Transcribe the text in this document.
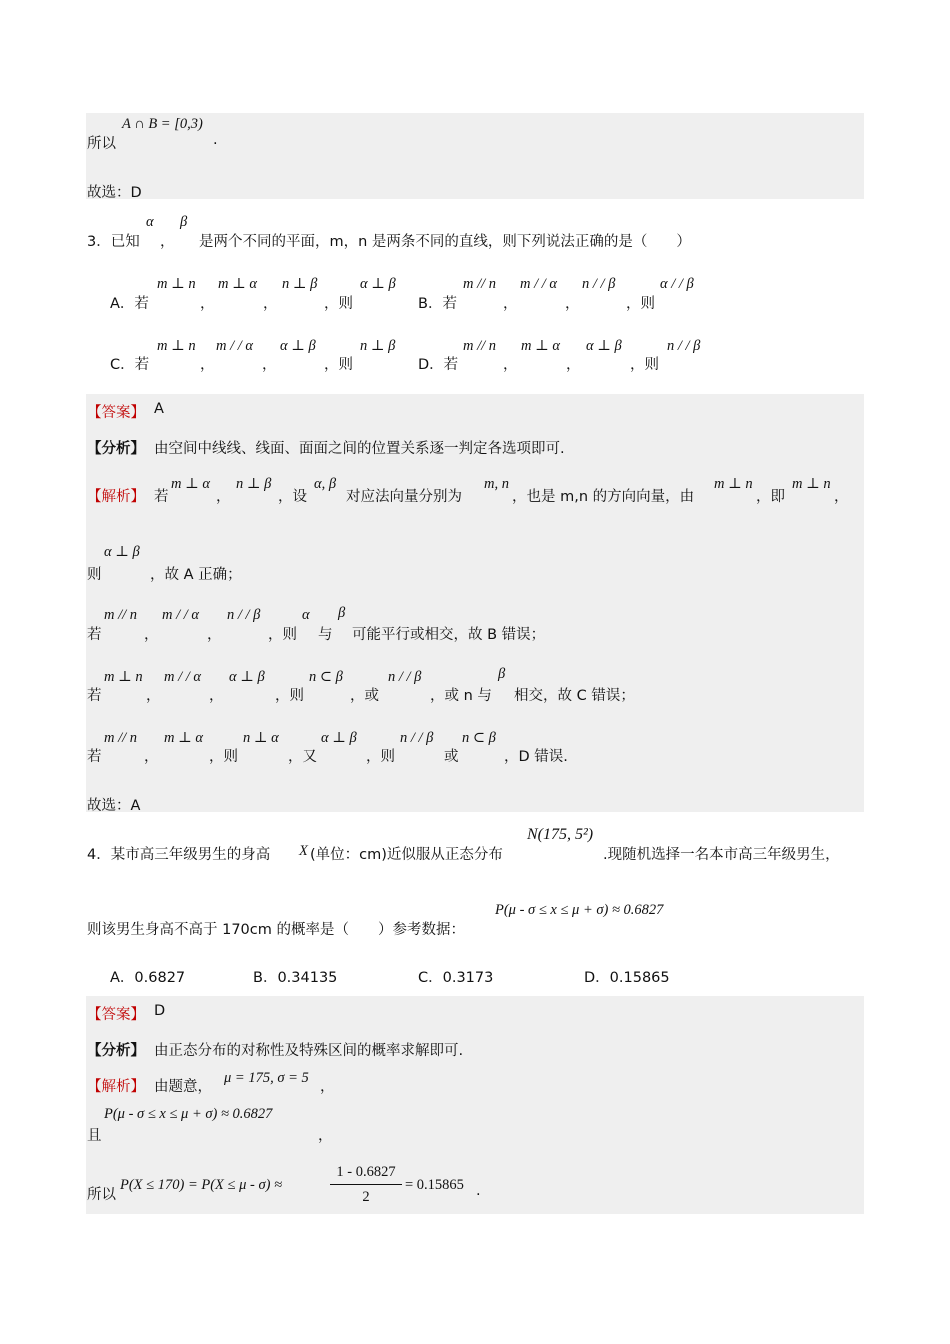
A ∩ B = [0,3)
所以	.
故选：D
3．已知
α
，
β
是两个不同的平面，m，n 是两条不同的直线，则下列说法正确的是（　　）
A．若
m ⊥ n
，
m ⊥ α
，
n ⊥ β
，则
α ⊥ β
B．若
m // n
，
m / / α
，
n / / β
，则
α / / β
C．若
m ⊥ n
，
m / / α
，
α ⊥ β
，则
n ⊥ β
D．若
m // n
，
m ⊥ α
，
α ⊥ β
，则
n / / β
【答案】 A
【分析】 由空间中线线、线面、面面之间的位置关系逐一判定各选项即可.
【解析】 若
m ⊥ α
，
n ⊥ β
，设
α, β
对应法向量分别为
m, n
，也是 m,n 的方向向量，由
m ⊥ n
，即
m ⊥ n
，
α ⊥ β
则	，故 A 正确；
若
m // n
，
m / / α
，
n / / β
，则
α
与
β
可能平行或相交，故 B 错误；
若
m ⊥ n
，
m / / α
，
α ⊥ β
，则
n ⊂ β
，或
n / / β
，或 n 与
β
相交，故 C 错误；
若
m // n
，
m ⊥ α
，则
n ⊥ α
，又
α ⊥ β
，则
n / / β
或
n ⊂ β
，D 错误.
故选：A
4．某市高三年级男生的身高 X (单位：cm)近似服从正态分布
N(175, 5²)
.现随机选择一名本市高三年级男生，
则该男生身高不高于 170cm 的概率是（　　）参考数据：
P(μ - σ ≤ x ≤ μ + σ) ≈ 0.6827
A．0.6827	B．0.34135	C．0.3173	D．0.15865
【答案】 D
【分析】 由正态分布的对称性及特殊区间的概率求解即可.
【解析】 由题意，
μ = 175, σ = 5
，
P(μ - σ ≤ x ≤ μ + σ) ≈ 0.6827
且	，
所以
P(X ≤ 170) = P(X ≤ μ - σ) ≈
1 - 0.6827
2
= 0.15865 .
